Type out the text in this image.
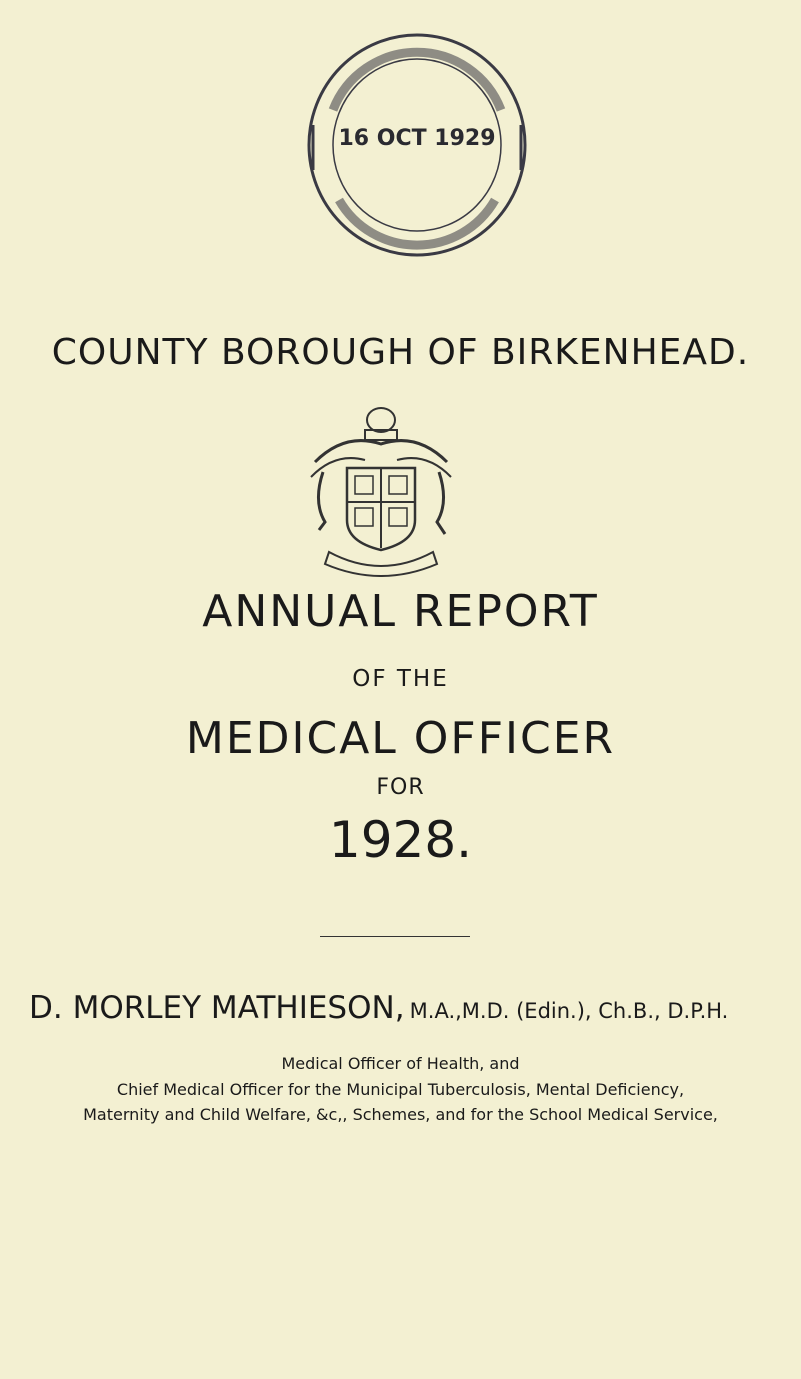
16 OCT 1929
COUNTY BOROUGH OF BIRKENHEAD.
ANNUAL REPORT
OF THE
MEDICAL OFFICER
FOR
1928.
D. MORLEY MATHIESON, M.A.,M.D. (Edin.), Ch.B., D.P.H.
Medical Officer of Health, and
Chief Medical Officer for the Municipal Tuberculosis, Mental Deficiency,
Maternity and Child Welfare, &c,, Schemes, and for the School Medical Service,
